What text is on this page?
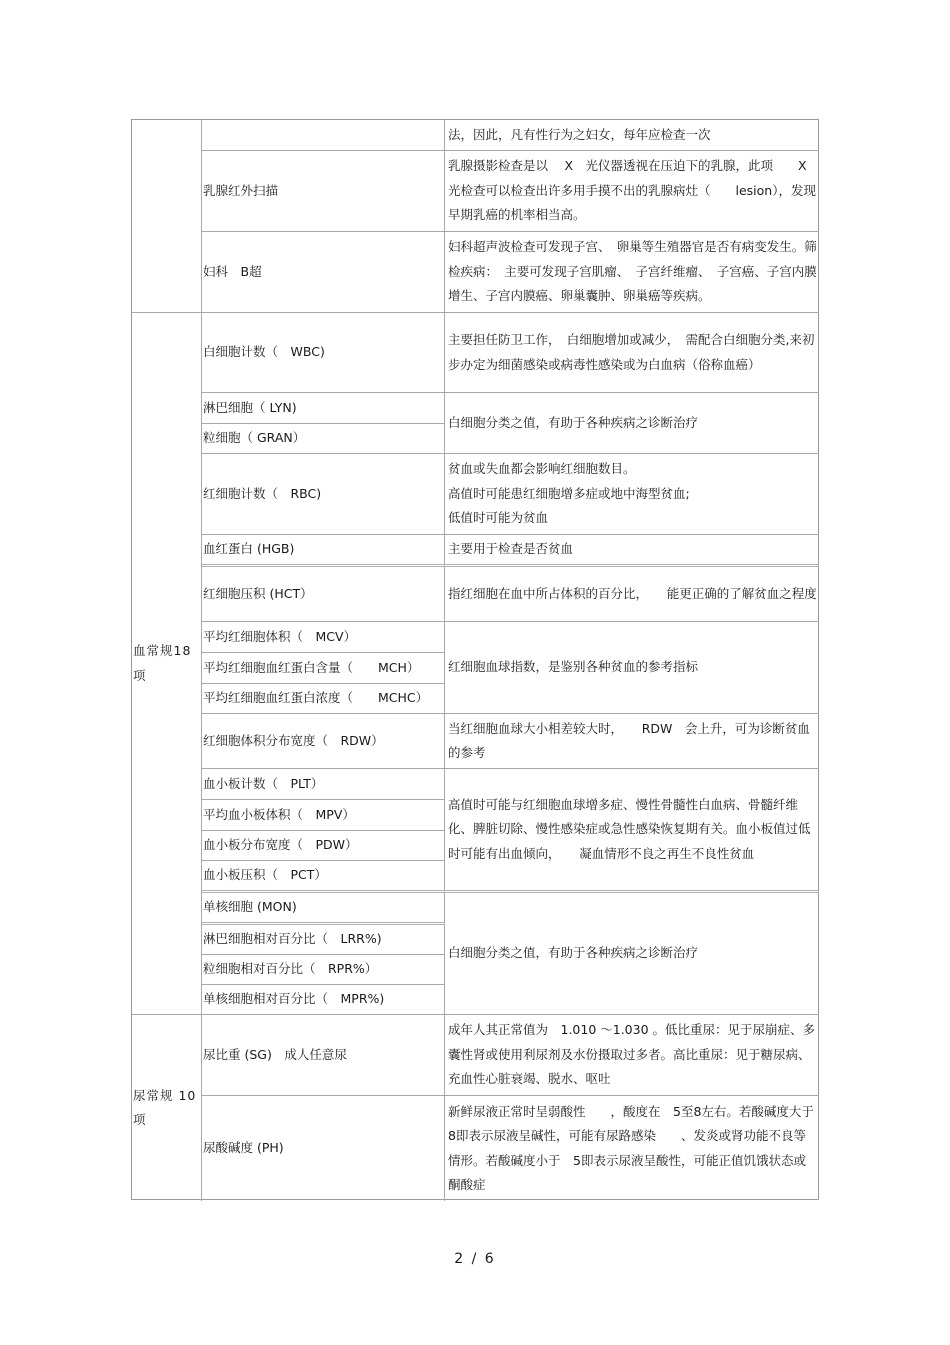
血常规18项
尿常规 10项
法，因此，凡有性行为之妇女，每年应检查一次
乳腺红外扫描
乳腺摄影检查是以　 X　光仪器透视在压迫下的乳腺，此项　　X光检查可以检查出许多用手摸不出的乳腺病灶（　　lesion），发现早期乳癌的机率相当高。
妇科　B超
妇科超声波检查可发现子宫、　卵巢等生殖器官是否有病变发生。筛检疾病：　主要可发现子宫肌瘤、　子宫纤维瘤、　子宫癌、子宫内膜增生、子宫内膜癌、卵巢囊肿、卵巢癌等疾病。
白细胞计数（　WBC)
主要担任防卫工作，　白细胞增加或减少，　需配合白细胞分类,来初步办定为细菌感染或病毒性感染或为白血病（俗称血癌）
淋巴细胞（ LYN)
粒细胞（ GRAN）
白细胞分类之值，有助于各种疾病之诊断治疗
红细胞计数（　RBC)
贫血或失血都会影响红细胞数目。
高值时可能患红细胞增多症或地中海型贫血;
低值时可能为贫血
血红蛋白 (HGB)	主要用于检查是否贫血
红细胞压积 (HCT）	指红细胞在血中所占体积的百分比，　　能更正确的了解贫血之程度
平均红细胞体积（　MCV）
平均红细胞血红蛋白含量（　　MCH）
平均红细胞血红蛋白浓度（　　MCHC）
红细胞血球指数，是鉴别各种贫血的参考指标
红细胞体积分布宽度（　RDW）
当红细胞血球大小相差较大时，　　RDW　会上升，可为诊断贫血的参考
血小板计数（　PLT）
平均血小板体积（　MPV）
血小板分布宽度（　PDW）
血小板压积（　PCT）
高值时可能与红细胞血球增多症、慢性骨髓性白血病、骨髓纤维化、脾脏切除、慢性感染症或急性感染恢复期有关。血小板值过低时可能有出血倾向，　　凝血情形不良之再生不良性贫血
单核细胞 (MON)
淋巴细胞相对百分比（　LRR%)
粒细胞相对百分比（　RPR%）
单核细胞相对百分比（　MPR%)
白细胞分类之值，有助于各种疾病之诊断治疗
尿比重 (SG)　成人任意尿
成年人其正常值为　1.010 ～1.030 。低比重尿：见于尿崩症、多囊性肾或使用利尿剂及水份摄取过多者。高比重尿：见于糖尿病、充血性心脏衰竭、脱水、呕吐
尿酸碱度 (PH)
新鲜尿液正常时呈弱酸性　　，酸度在　5至8左右。若酸碱度大于8即表示尿液呈碱性，可能有尿路感染　　、发炎或肾功能不良等情形。若酸碱度小于　5即表示尿液呈酸性，可能正值饥饿状态或酮酸症
2 / 6
